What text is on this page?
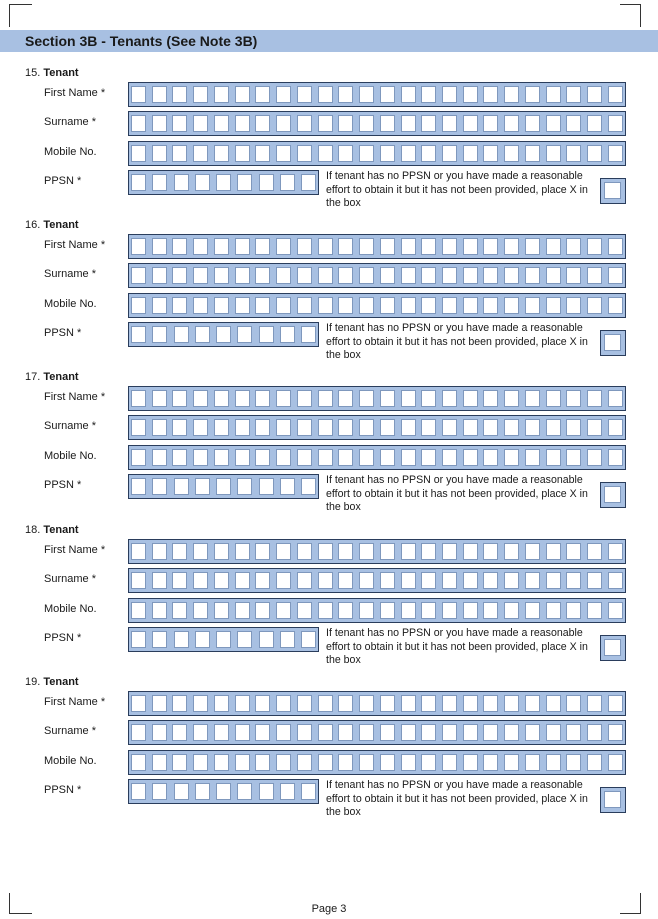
Section 3B - Tenants (See Note 3B)
15. Tenant
First Name *
Surname *
Mobile No.
PPSN *	If tenant has no PPSN or you have made a reasonable effort to obtain it but it has not been provided, place X in the box
16. Tenant
First Name *
Surname *
Mobile No.
PPSN *	If tenant has no PPSN or you have made a reasonable effort to obtain it but it has not been provided, place X in the box
17. Tenant
First Name *
Surname *
Mobile No.
PPSN *	If tenant has no PPSN or you have made a reasonable effort to obtain it but it has not been provided, place X in the box
18. Tenant
First Name *
Surname *
Mobile No.
PPSN *	If tenant has no PPSN or you have made a reasonable effort to obtain it but it has not been provided, place X in the box
19. Tenant
First Name *
Surname *
Mobile No.
PPSN *	If tenant has no PPSN or you have made a reasonable effort to obtain it but it has not been provided, place X in the box
Page 3
